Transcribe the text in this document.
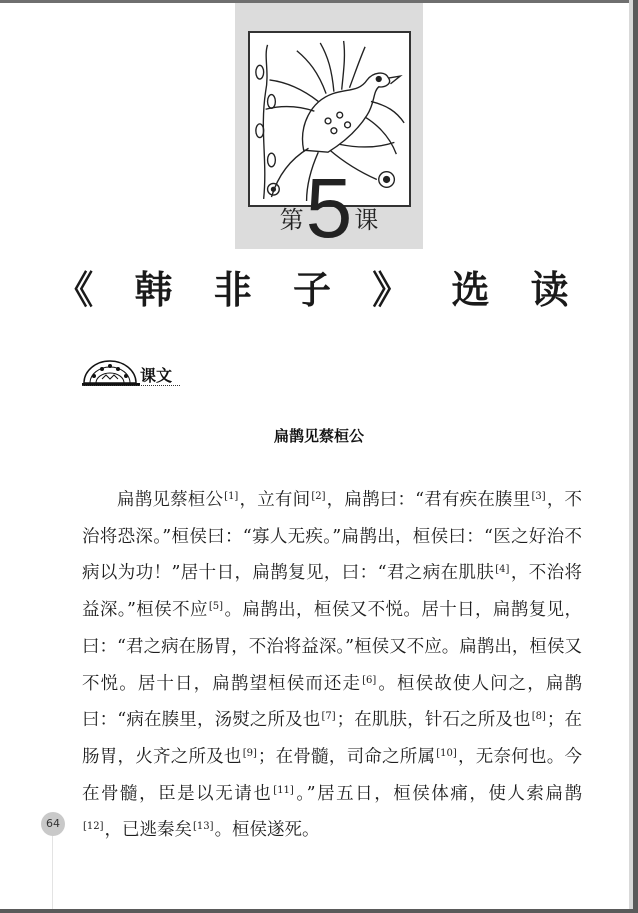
第 5 课
《 韩 非 子 》 选 读
课文
扁鹊见蔡桓公
扁鹊见蔡桓公[1]，立有间[2]，扁鹊曰：“君有疾在腠里[3]，不治将恐深。”桓侯曰：“寡人无疾。”扁鹊出，桓侯曰：“医之好治不病以为功！”居十日，扁鹊复见，曰：“君之病在肌肤[4]，不治将益深。”桓侯不应[5]。扁鹊出，桓侯又不悦。居十日，扁鹊复见，曰：“君之病在肠胃，不治将益深。”桓侯又不应。扁鹊出，桓侯又不悦。居十日，扁鹊望桓侯而还走[6]。桓侯故使人问之，扁鹊曰：“病在腠里，汤熨之所及也[7]；在肌肤，针石之所及也[8]；在肠胃，火齐之所及也[9]；在骨髓，司命之所属[10]，无奈何也。今在骨髓，臣是以无请也[11]。”居五日，桓侯体痛，使人索扁鹊[12]，已逃秦矣[13]。桓侯遂死。
64
